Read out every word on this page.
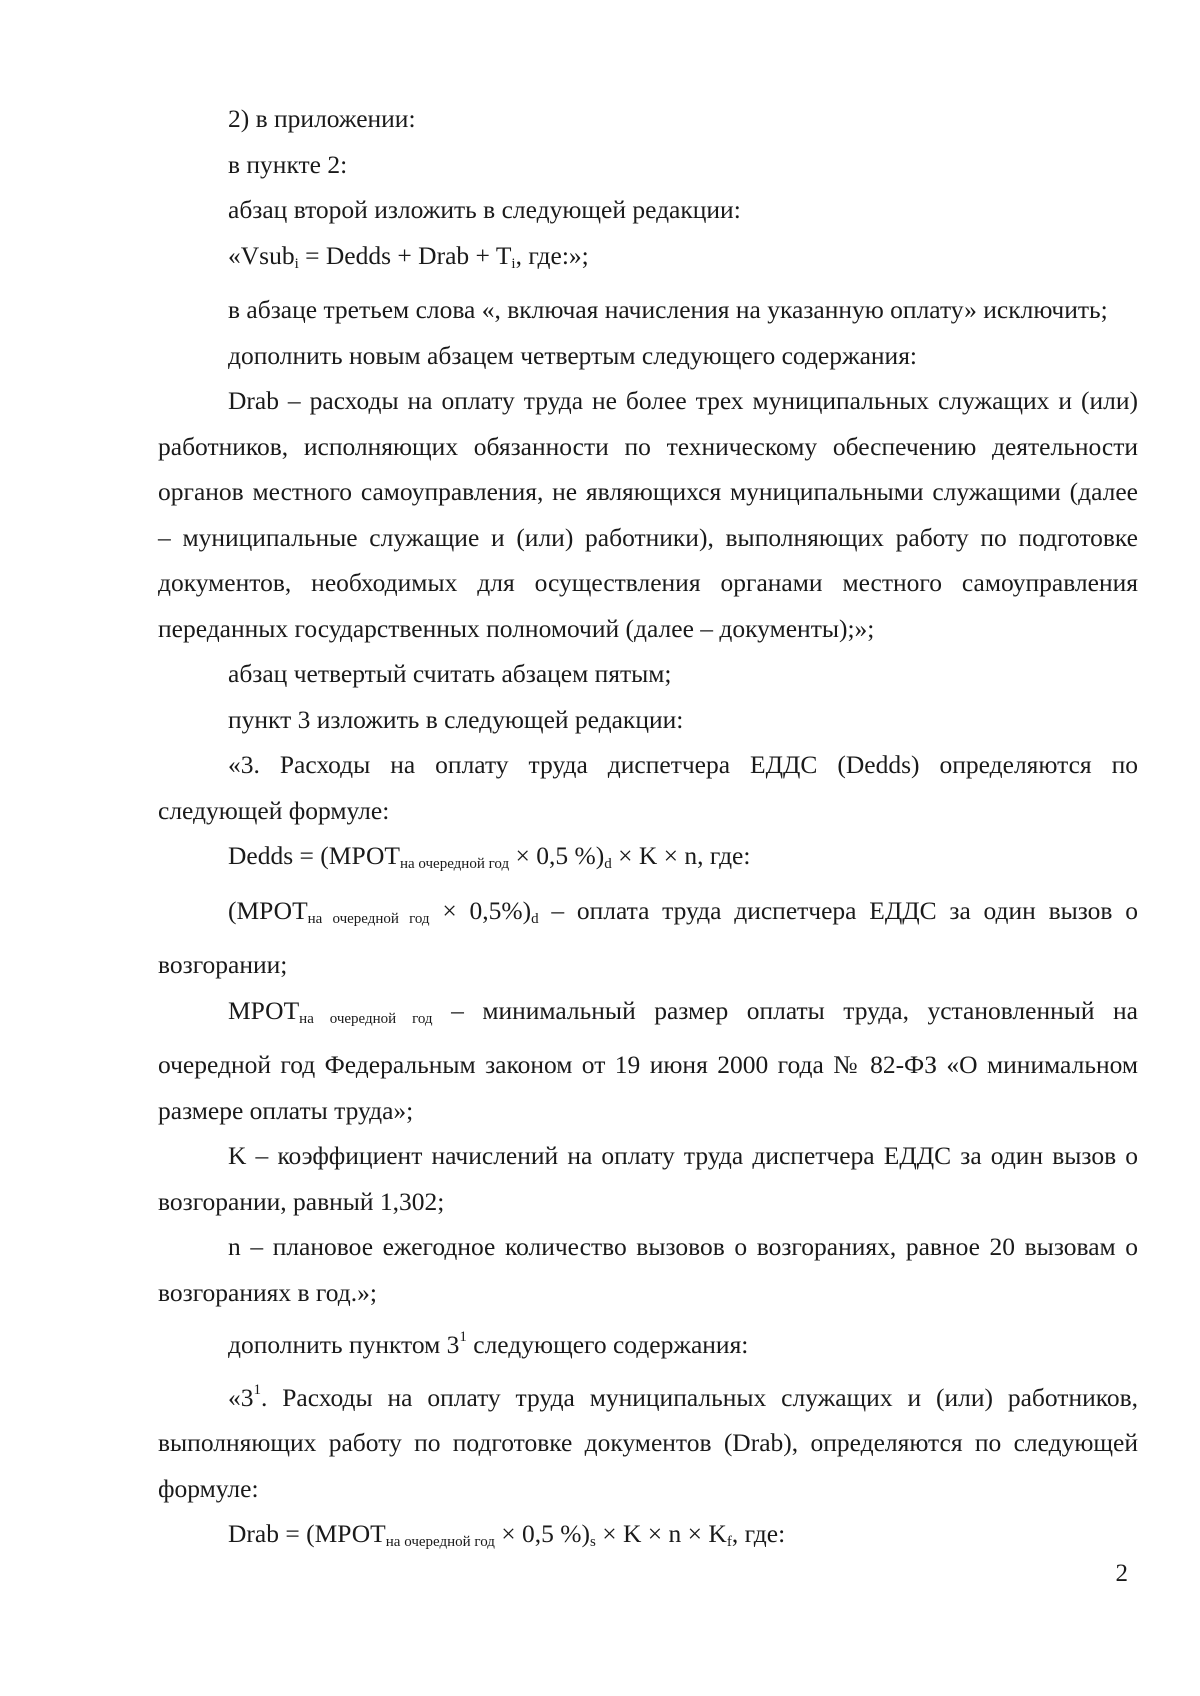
2) в приложении:

в пункте 2:

абзац второй изложить в следующей редакции:

«Vsub$_i$ = Dedds + Drab + $T_i$, где:»;

в абзаце третьем слова «, включая начисления на указанную оплату» исключить;

дополнить новым абзацем четвертым следующего содержания:

Drab – расходы на оплату труда не более трех муниципальных служащих и (или) работников, исполняющих обязанности по техническому обеспечению деятельности органов местного самоуправления, не являющихся муниципальными служащими (далее – муниципальные служащие и (или) работники), выполняющих работу по подготовке документов, необходимых для осуществления органами местного самоуправления переданных государственных полномочий (далее – документы);»;

абзац четвертый считать абзацем пятым;

пункт 3 изложить в следующей редакции:

«3. Расходы на оплату труда диспетчера ЕДДС (Dedds) определяются по следующей формуле:

Dedds = ($МРОТ_{на очередной год} \times 0,5$ $\%)_d \times K \times n$, где:

$(МРОТ_{на очередной год} \times 0,5\%)_d$ – оплата труда диспетчера ЕДДС за один вызов о возгорании;

$МРОТ_{на очередной год}$ – минимальный размер оплаты труда, установленный на очередной год Федеральным законом от 19 июня 2000 года № 82-ФЗ «О минимальном размере оплаты труда»;

K – коэффициент начислений на оплату труда диспетчера ЕДДС за один вызов о возгорании, равный 1,302;

n – плановое ежегодное количество вызовов о возгораниях, равное 20 вызовам о возгораниях в год.»;

дополнить пунктом $3^1$ следующего содержания:

«$3^1$. Расходы на оплату труда муниципальных служащих и (или) работников, выполняющих работу по подготовке документов (Drab), определяются по следующей формуле:

Drab = ($МРОТ_{на очередной год} \times 0,5$ $\%)_s \times K \times n \times K_f$, где:

2
